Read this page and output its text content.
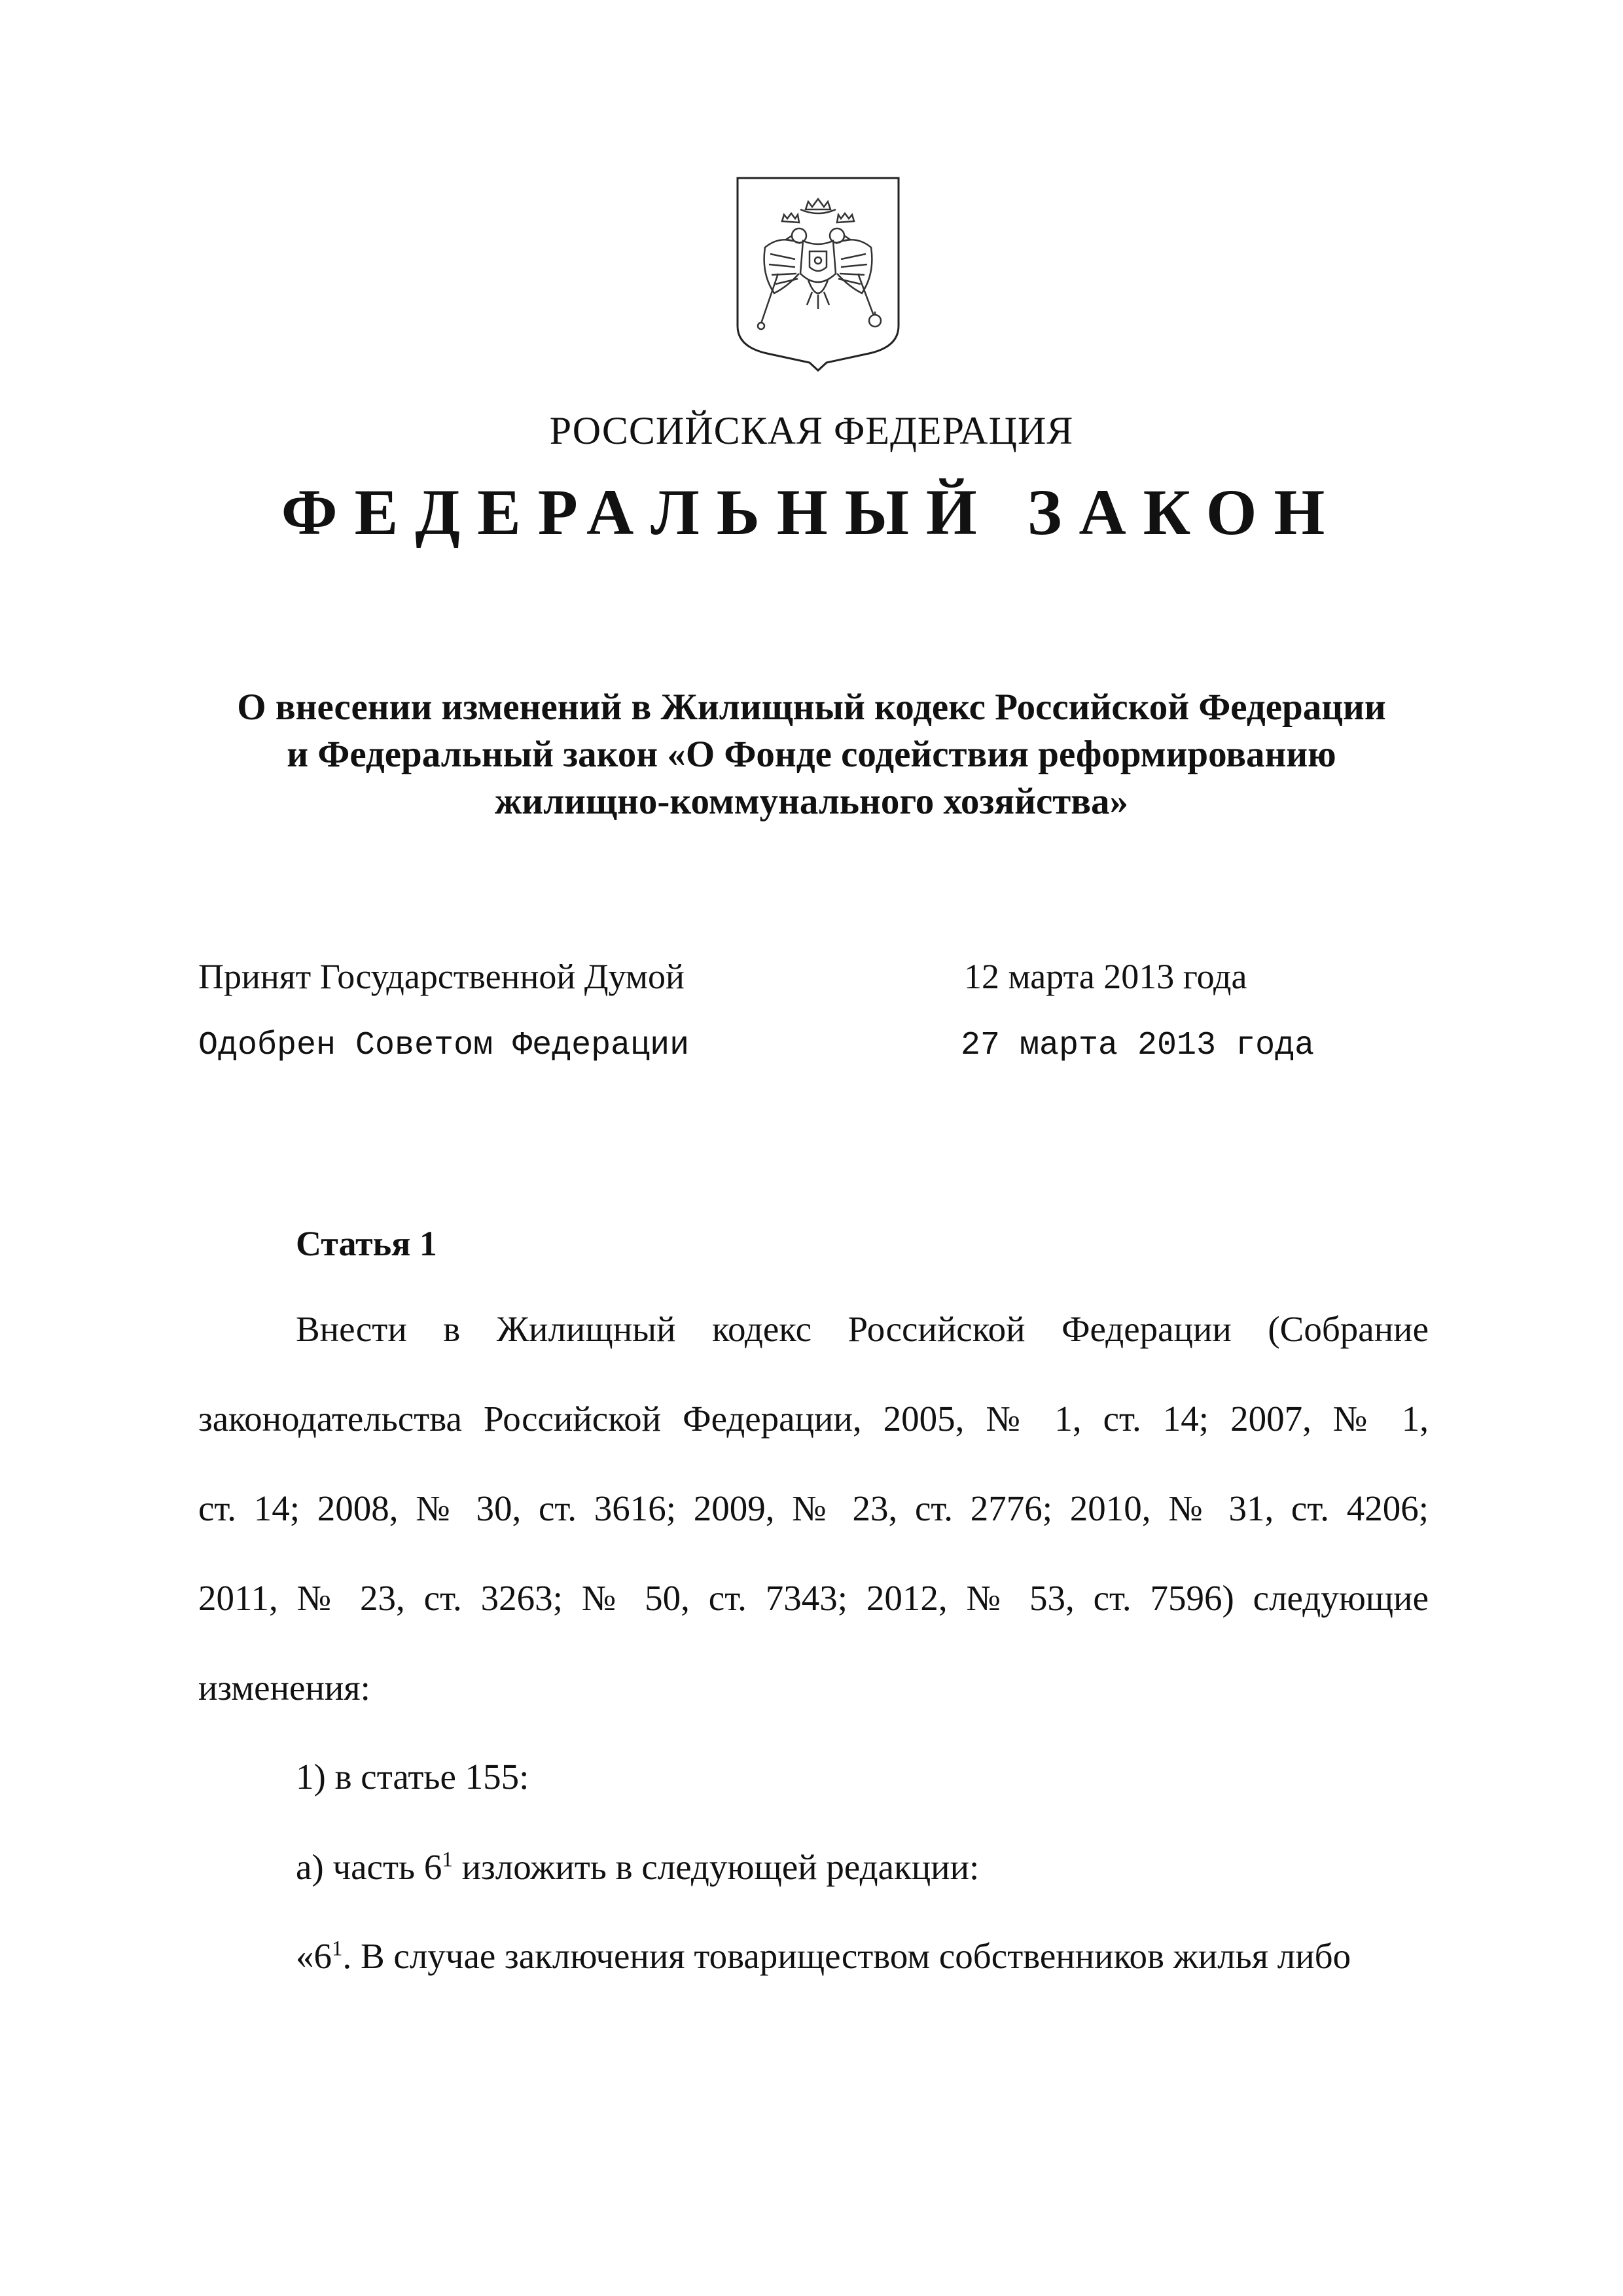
РОССИЙСКАЯ ФЕДЕРАЦИЯ
ФЕДЕРАЛЬНЫЙ ЗАКОН
О внесении изменений в Жилищный кодекс Российской Федерации
и Федеральный закон «О Фонде содействия реформированию
жилищно-коммунального хозяйства»
Принят Государственной Думой	12 марта 2013 года
Одобрен Советом Федерации	27 марта 2013 года
Статья 1
Внести в Жилищный кодекс Российской Федерации (Собрание
законодательства Российской Федерации, 2005, № 1, ст. 14; 2007, № 1,
ст. 14; 2008, № 30, ст. 3616; 2009, № 23, ст. 2776; 2010, № 31, ст. 4206;
2011, № 23, ст. 3263; № 50, ст. 7343; 2012, № 53, ст. 7596) следующие
изменения:
1) в статье 155:
а) часть $6^1$ изложить в следующей редакции:
«$6^1$. В случае заключения товариществом собственников жилья либо
